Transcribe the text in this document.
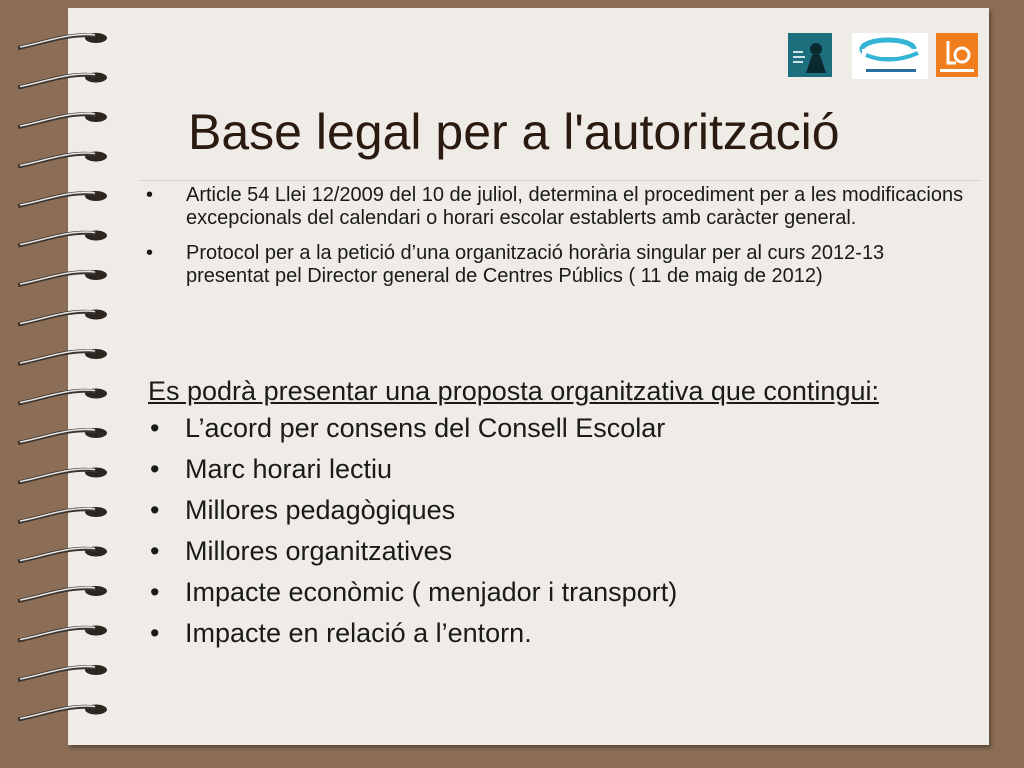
Base legal per a l'autorització
• Article 54 Llei 12/2009 del 10 de juliol, determina el procediment per a les modificacions excepcionals del calendari o horari escolar establerts amb caràcter general.
• Protocol per a la petició d’una organització horària singular per al curs 2012-13 presentat pel Director general de Centres Públics ( 11 de maig de 2012)
Es podrà presentar una proposta organitzativa que contingui:
• L’acord per consens del Consell Escolar
• Marc horari lectiu
• Millores pedagògiques
• Millores organitzatives
• Impacte econòmic ( menjador i transport)
• Impacte en relació a l’entorn.
